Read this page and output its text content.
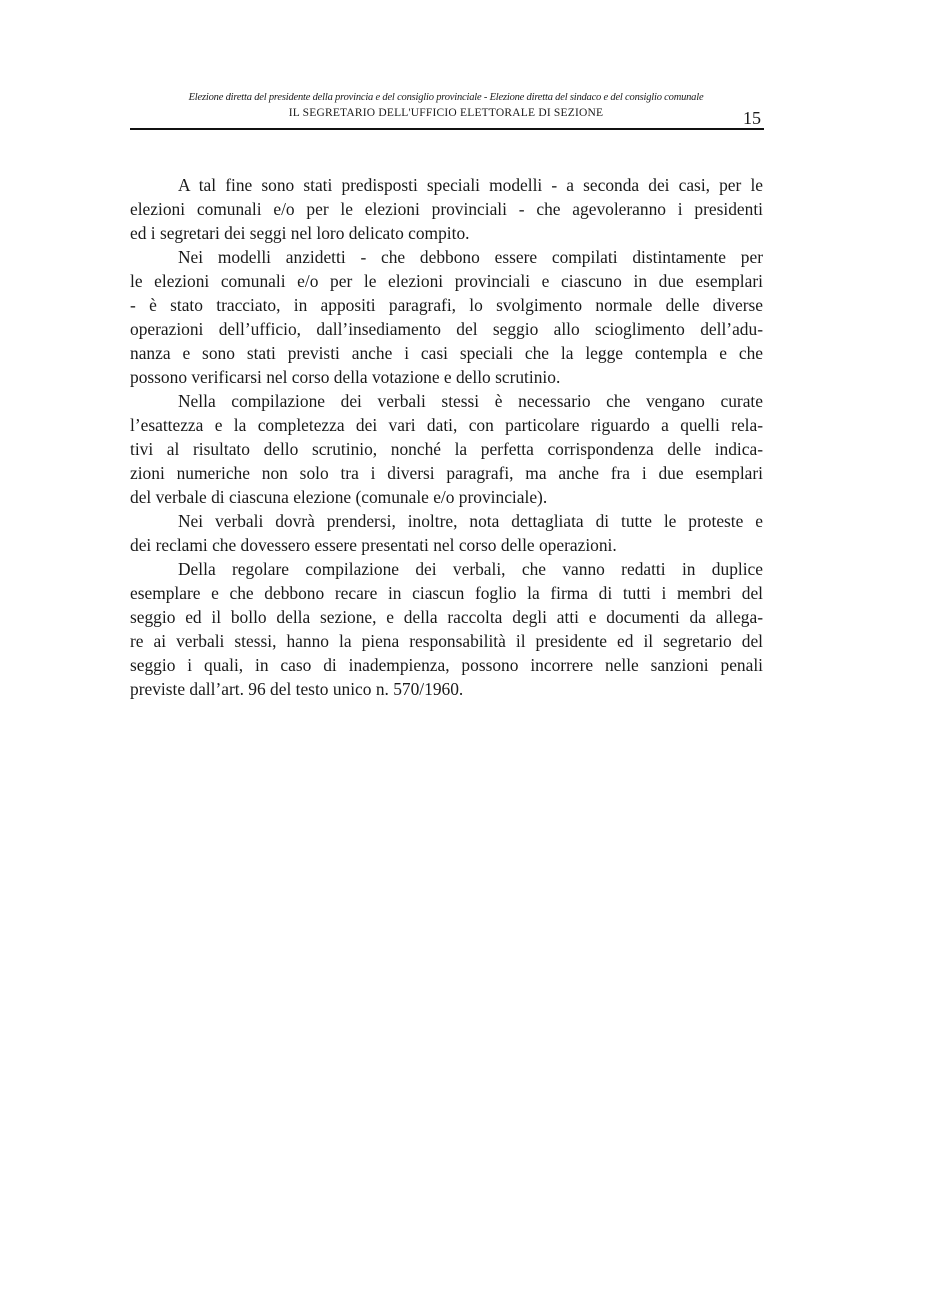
Elezione diretta del presidente della provincia e del consiglio provinciale - Elezione diretta del sindaco e del consiglio comunale
IL SEGRETARIO DELL'UFFICIO ELETTORALE DI SEZIONE	15
A tal fine sono stati predisposti speciali modelli - a seconda dei casi, per le
elezioni comunali e/o per le elezioni provinciali - che agevoleranno i presidenti
ed i segretari dei seggi nel loro delicato compito.
Nei modelli anzidetti - che debbono essere compilati distintamente per
le elezioni comunali e/o per le elezioni provinciali e ciascuno in due esemplari
- è stato tracciato, in appositi paragrafi, lo svolgimento normale delle diverse
operazioni dell’ufficio, dall’insediamento del seggio allo scioglimento dell’adu-
nanza e sono stati previsti anche i casi speciali che la legge contempla e che
possono verificarsi nel corso della votazione e dello scrutinio.
Nella compilazione dei verbali stessi è necessario che vengano curate
l’esattezza e la completezza dei vari dati, con particolare riguardo a quelli rela-
tivi al risultato dello scrutinio, nonché la perfetta corrispondenza delle indica-
zioni numeriche non solo tra i diversi paragrafi, ma anche fra i due esemplari
del verbale di ciascuna elezione (comunale e/o provinciale).
Nei verbali dovrà prendersi, inoltre, nota dettagliata di tutte le proteste e
dei reclami che dovessero essere presentati nel corso delle operazioni.
Della regolare compilazione dei verbali, che vanno redatti in duplice
esemplare e che debbono recare in ciascun foglio la firma di tutti i membri del
seggio ed il bollo della sezione, e della raccolta degli atti e documenti da allega-
re ai verbali stessi, hanno la piena responsabilità il presidente ed il segretario del
seggio i quali, in caso di inadempienza, possono incorrere nelle sanzioni penali
previste dall’art. 96 del testo unico n. 570/1960.
